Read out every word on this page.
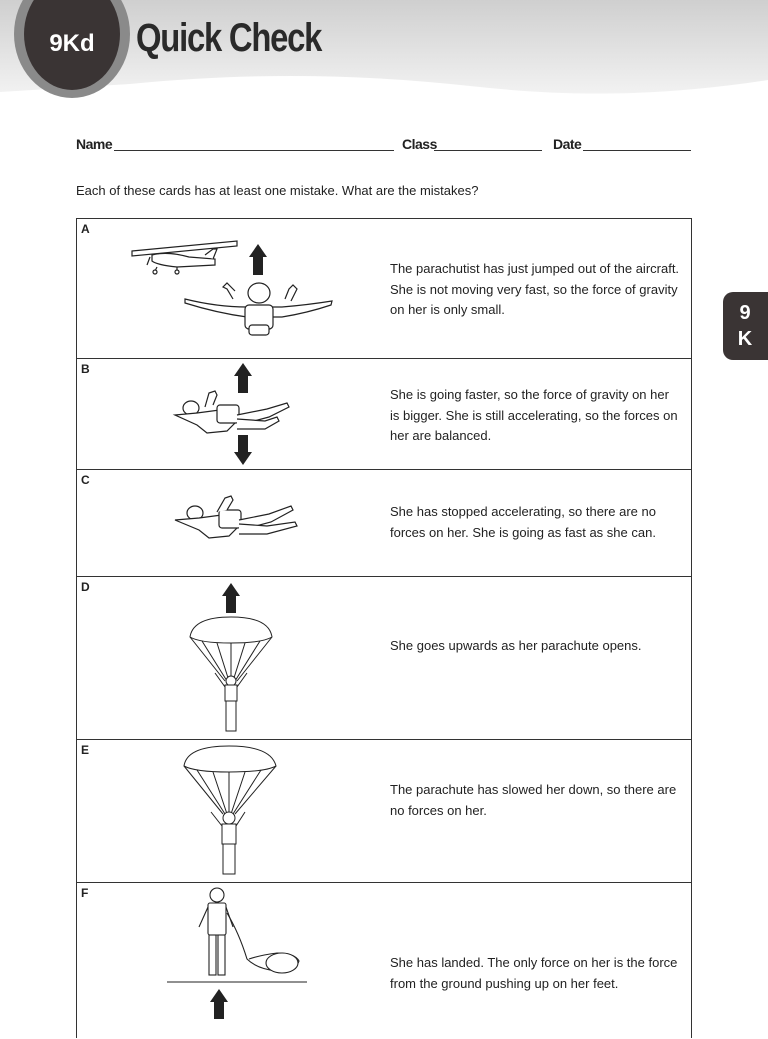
9Kd	Quick Check
9
K
Name	Class	Date
Each of these cards has at least one mistake. What are the mistakes?
A
The parachutist has just jumped out of the aircraft. She is not moving very fast, so the force of gravity on her is only small.
B
She is going faster, so the force of gravity on her is bigger. She is still accelerating, so the forces on her are balanced.
C
She has stopped accelerating, so there are no forces on her. She is going as fast as she can.
D
She goes upwards as her parachute opens.
E
The parachute has slowed her down, so there are no forces on her.
F
She has landed. The only force on her is the force from the ground pushing up on her feet.
